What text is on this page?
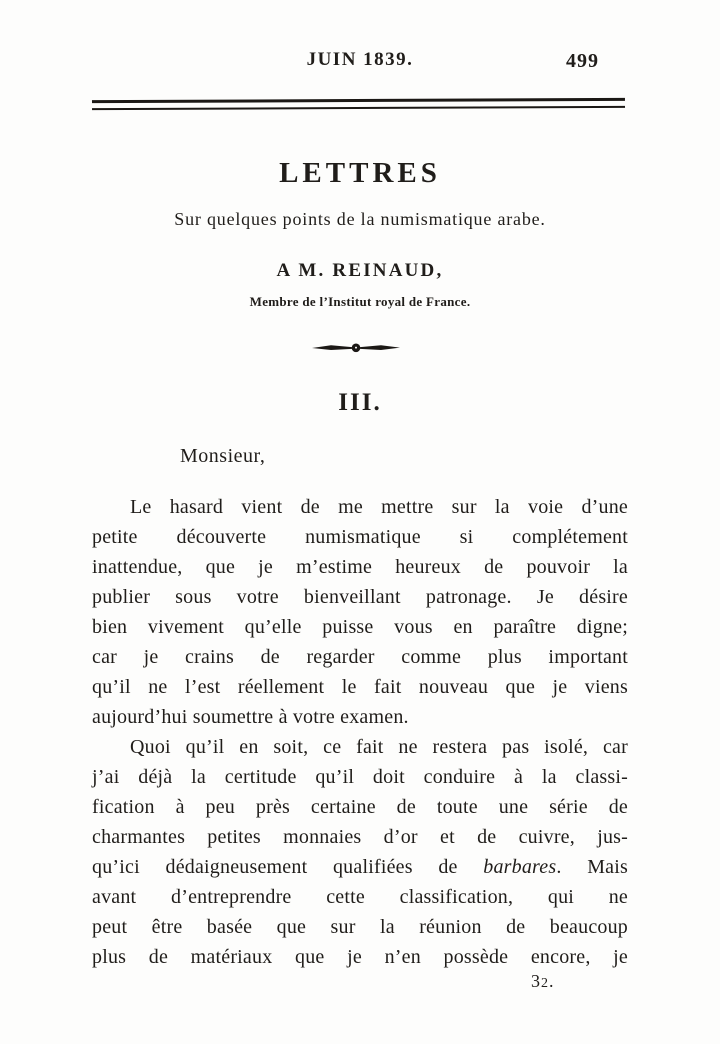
JUIN 1839.	499
LETTRES
Sur quelques points de la numismatique arabe.
A M. REINAUD,
Membre de l’Institut royal de France.
III.
Monsieur,
Le hasard vient de me mettre sur la voie d’une
petite découverte numismatique si complétement
inattendue, que je m’estime heureux de pouvoir la
publier sous votre bienveillant patronage. Je désire
bien vivement qu’elle puisse vous en paraître digne;
car je crains de regarder comme plus important
qu’il ne l’est réellement le fait nouveau que je viens
aujourd’hui soumettre à votre examen.
Quoi qu’il en soit, ce fait ne restera pas isolé, car
j’ai déjà la certitude qu’il doit conduire à la classi-
fication à peu près certaine de toute une série de
charmantes petites monnaies d’or et de cuivre, jus-
qu’ici dédaigneusement qualifiées de barbares. Mais
avant d’entreprendre cette classification, qui ne
peut être basée que sur la réunion de beaucoup
plus de matériaux que je n’en possède encore, je
32.
